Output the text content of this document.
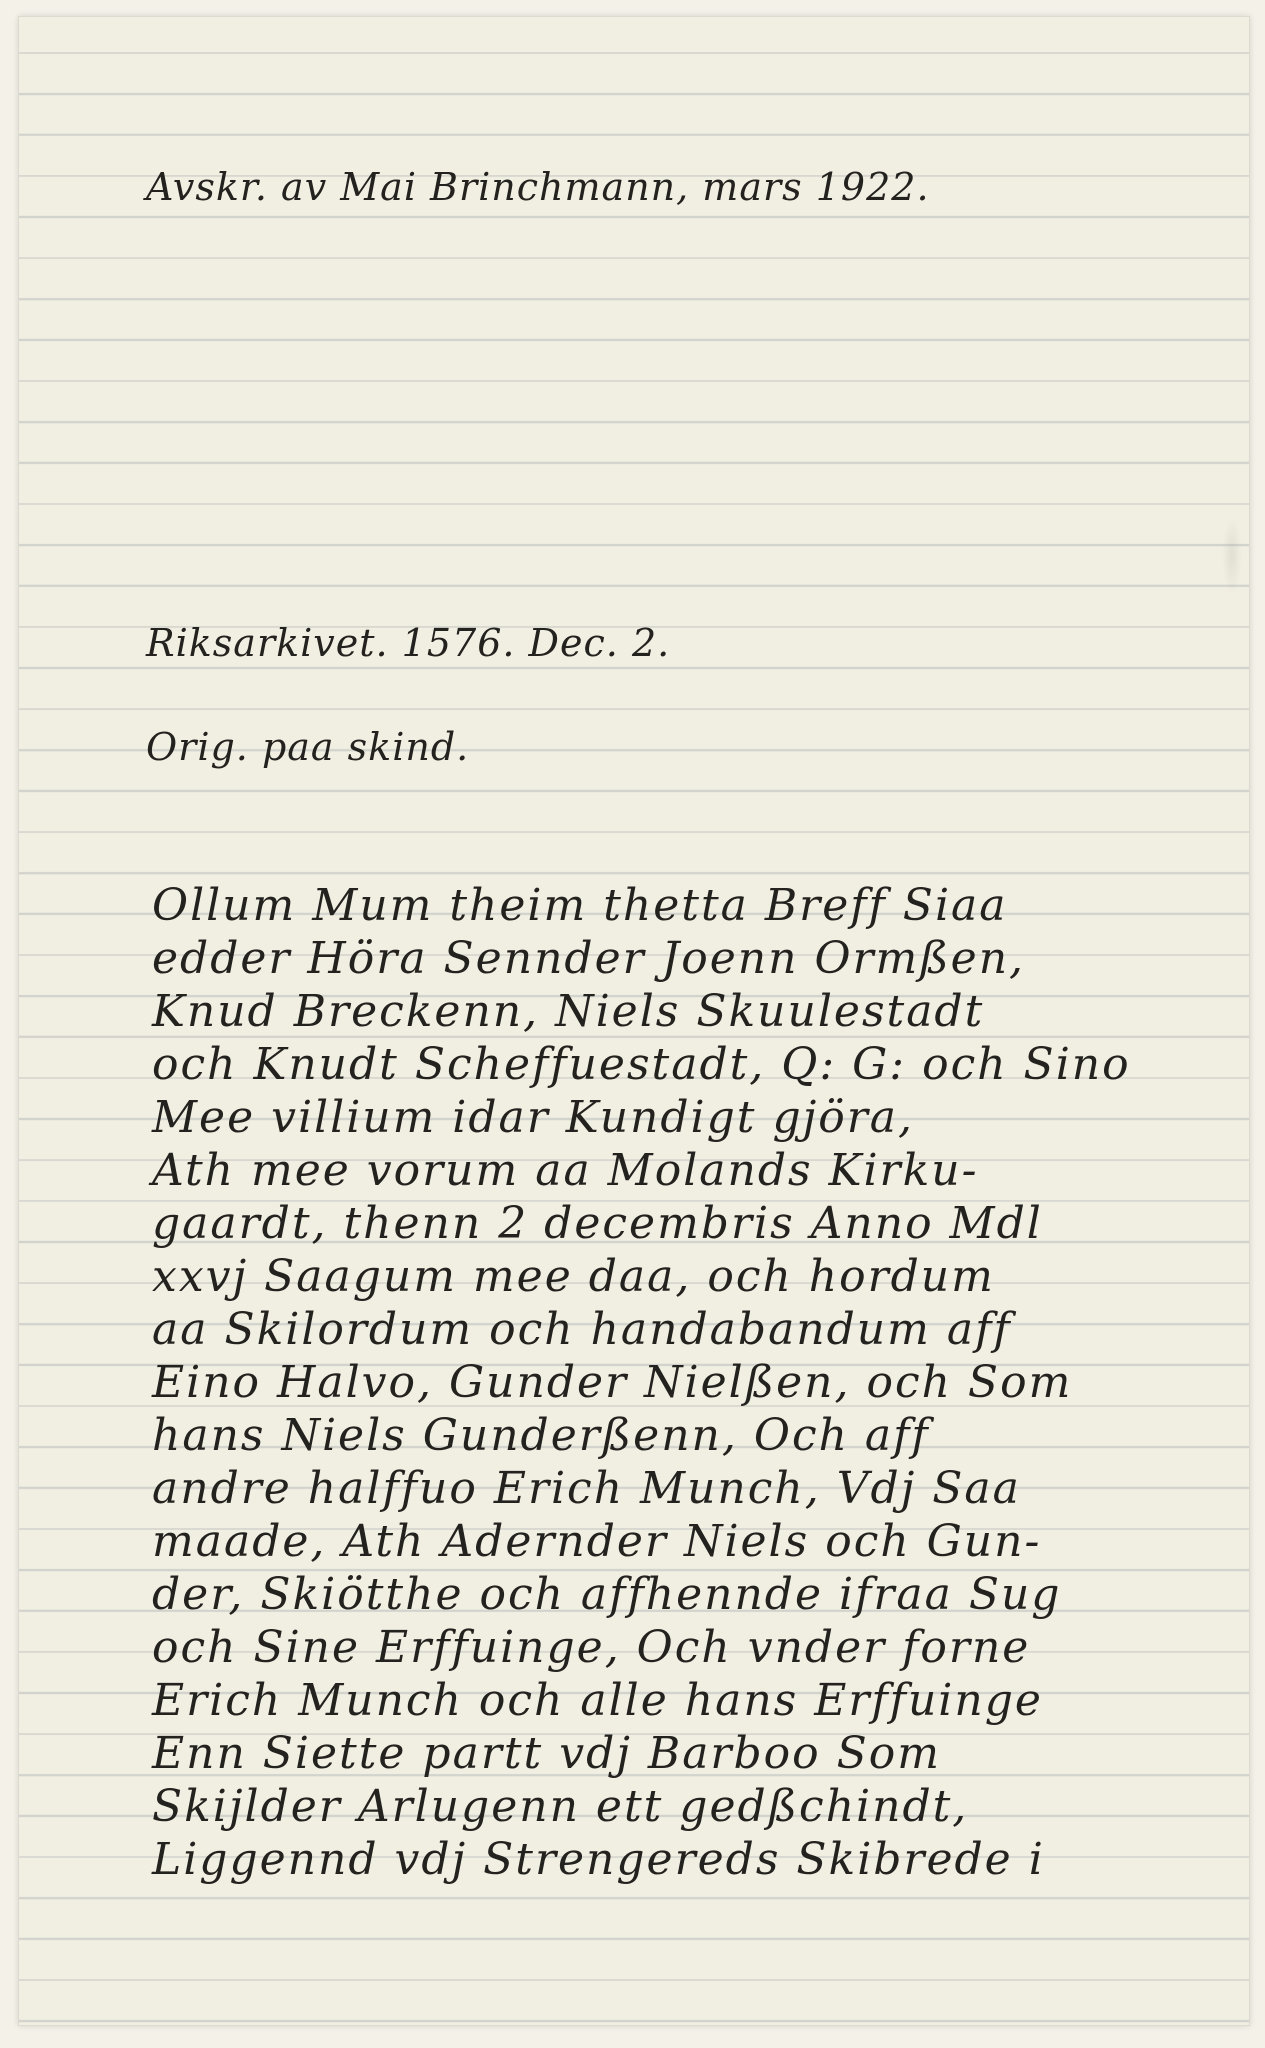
Avskr. av Mai Brinchmann, mars 1922.
Riksarkivet. 1576. Dec. 2.
Orig. paa skind.
Ollum Mum theim thetta Breff Siaa
edder Höra Sennder Joenn Ormßen,
Knud Breckenn, Niels Skuulestadt
och Knudt Scheffuestadt, Q: G: och Sino
Mee villium idar Kundigt gjöra,
Ath mee vorum aa Molands Kirku-
gaardt, thenn 2 decembris Anno Mdl
xxvj Saagum mee daa, och hordum
aa Skilordum och handabandum aff
Eino Halvo, Gunder Nielßen, och Som
hans Niels Gunderßenn, Och aff
andre halffuo Erich Munch, Vdj Saa
maade, Ath Adernder Niels och Gun-
der, Skiötthe och affhennde ifraa Sug
och Sine Erffuinge, Och vnder forne
Erich Munch och alle hans Erffuinge
Enn Siette partt vdj Barboo Som
Skijlder Arlugenn ett gedßchindt,
Liggennd vdj Strengereds Skibrede i
